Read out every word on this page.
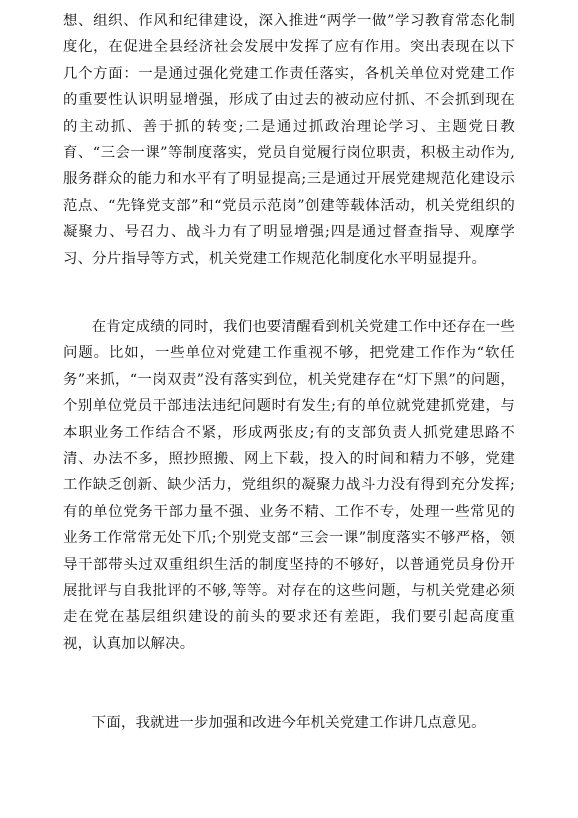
想、组织、作风和纪律建设，深入推进“两学一做”学习教育常态化制度化，在促进全县经济社会发展中发挥了应有作用。突出表现在以下几个方面：一是通过强化党建工作责任落实，各机关单位对党建工作的重要性认识明显增强，形成了由过去的被动应付抓、不会抓到现在的主动抓、善于抓的转变;二是通过抓政治理论学习、主题党日教育、“三会一课”等制度落实，党员自觉履行岗位职责，积极主动作为,服务群众的能力和水平有了明显提高;三是通过开展党建规范化建设示范点、“先锋党支部”和“党员示范岗”创建等载体活动，机关党组织的凝聚力、号召力、战斗力有了明显增强;四是通过督查指导、观摩学习、分片指导等方式，机关党建工作规范化制度化水平明显提升。

在肯定成绩的同时，我们也要清醒看到机关党建工作中还存在一些问题。比如，一些单位对党建工作重视不够，把党建工作作为“软任务”来抓，“一岗双责”没有落实到位，机关党建存在“灯下黑”的问题，个别单位党员干部违法违纪问题时有发生;有的单位就党建抓党建，与本职业务工作结合不紧，形成两张皮;有的支部负责人抓党建思路不清、办法不多，照抄照搬、网上下载，投入的时间和精力不够，党建工作缺乏创新、缺少活力，党组织的凝聚力战斗力没有得到充分发挥;有的单位党务干部力量不强、业务不精、工作不专，处理一些常见的业务工作常常无处下爪;个别党支部“三会一课”制度落实不够严格，领导干部带头过双重组织生活的制度坚持的不够好，以普通党员身份开展批评与自我批评的不够,等等。对存在的这些问题，与机关党建必须走在党在基层组织建设的前头的要求还有差距，我们要引起高度重视，认真加以解决。

下面，我就进一步加强和改进今年机关党建工作讲几点意见。
